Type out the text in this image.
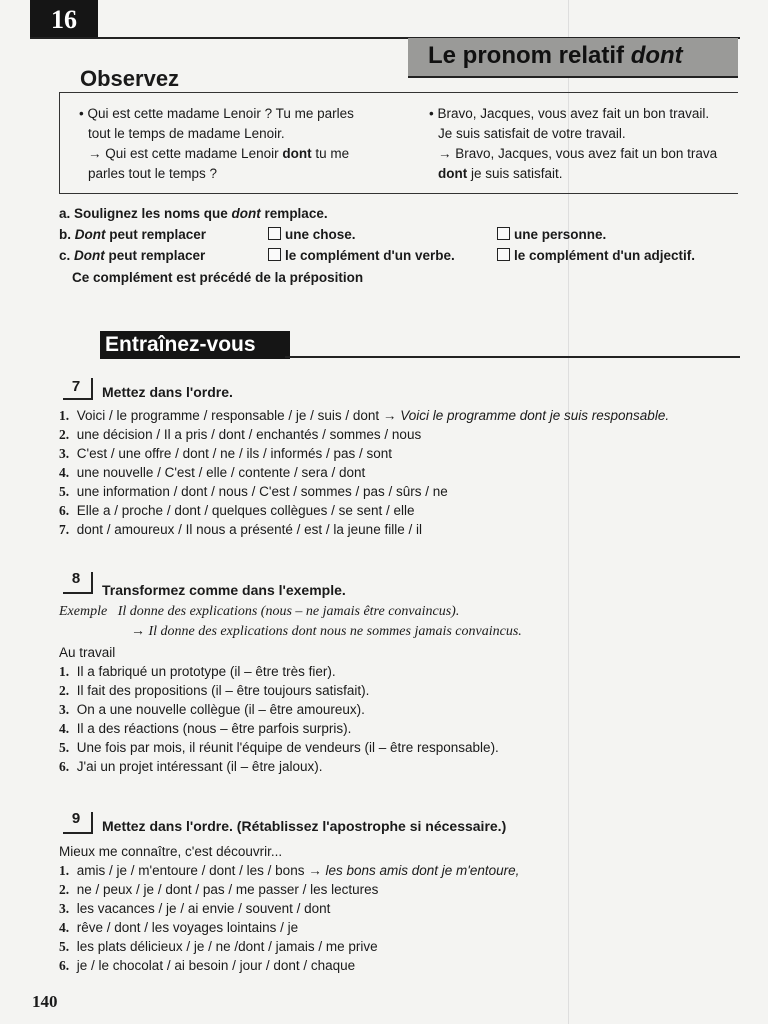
16
Le pronom relatif dont
Observez
• Qui est cette madame Lenoir ? Tu me parles
tout le temps de madame Lenoir.
→ Qui est cette madame Lenoir dont tu me
parles tout le temps ?
• Bravo, Jacques, vous avez fait un bon travail.
Je suis satisfait de votre travail.
→ Bravo, Jacques, vous avez fait un bon trava
dont je suis satisfait.
a. Soulignez les noms que dont remplace.
b. Dont peut remplacer	une chose.	une personne.
c. Dont peut remplacer	le complément d'un verbe.	le complément d'un adjectif.
Ce complément est précédé de la préposition
Entraînez-vous
7	Mettez dans l'ordre.
1. Voici / le programme / responsable / je / suis / dont → Voici le programme dont je suis responsable.
2. une décision / Il a pris / dont / enchantés / sommes / nous
3. C'est / une offre / dont / ne / ils / informés / pas / sont
4. une nouvelle / C'est / elle / contente / sera / dont
5. une information / dont / nous / C'est / sommes / pas / sûrs / ne
6. Elle a / proche / dont / quelques collègues / se sent / elle
7. dont / amoureux / Il nous a présenté / est / la jeune fille / il
8
Transformez comme dans l'exemple.
Exemple Il donne des explications (nous – ne jamais être convaincus).
→ Il donne des explications dont nous ne sommes jamais convaincus.
Au travail
1. Il a fabriqué un prototype (il – être très fier).
2. Il fait des propositions (il – être toujours satisfait).
3. On a une nouvelle collègue (il – être amoureux).
4. Il a des réactions (nous – être parfois surpris).
5. Une fois par mois, il réunit l'équipe de vendeurs (il – être responsable).
6. J'ai un projet intéressant (il – être jaloux).
9	Mettez dans l'ordre. (Rétablissez l'apostrophe si nécessaire.)
Mieux me connaître, c'est découvrir...
1. amis / je / m'entoure / dont / les / bons → les bons amis dont je m'entoure,
2. ne / peux / je / dont / pas / me passer / les lectures
3. les vacances / je / ai envie / souvent / dont
4. rêve / dont / les voyages lointains / je
5. les plats délicieux / je / ne /dont / jamais / me prive
6. je / le chocolat / ai besoin / jour / dont / chaque
140
